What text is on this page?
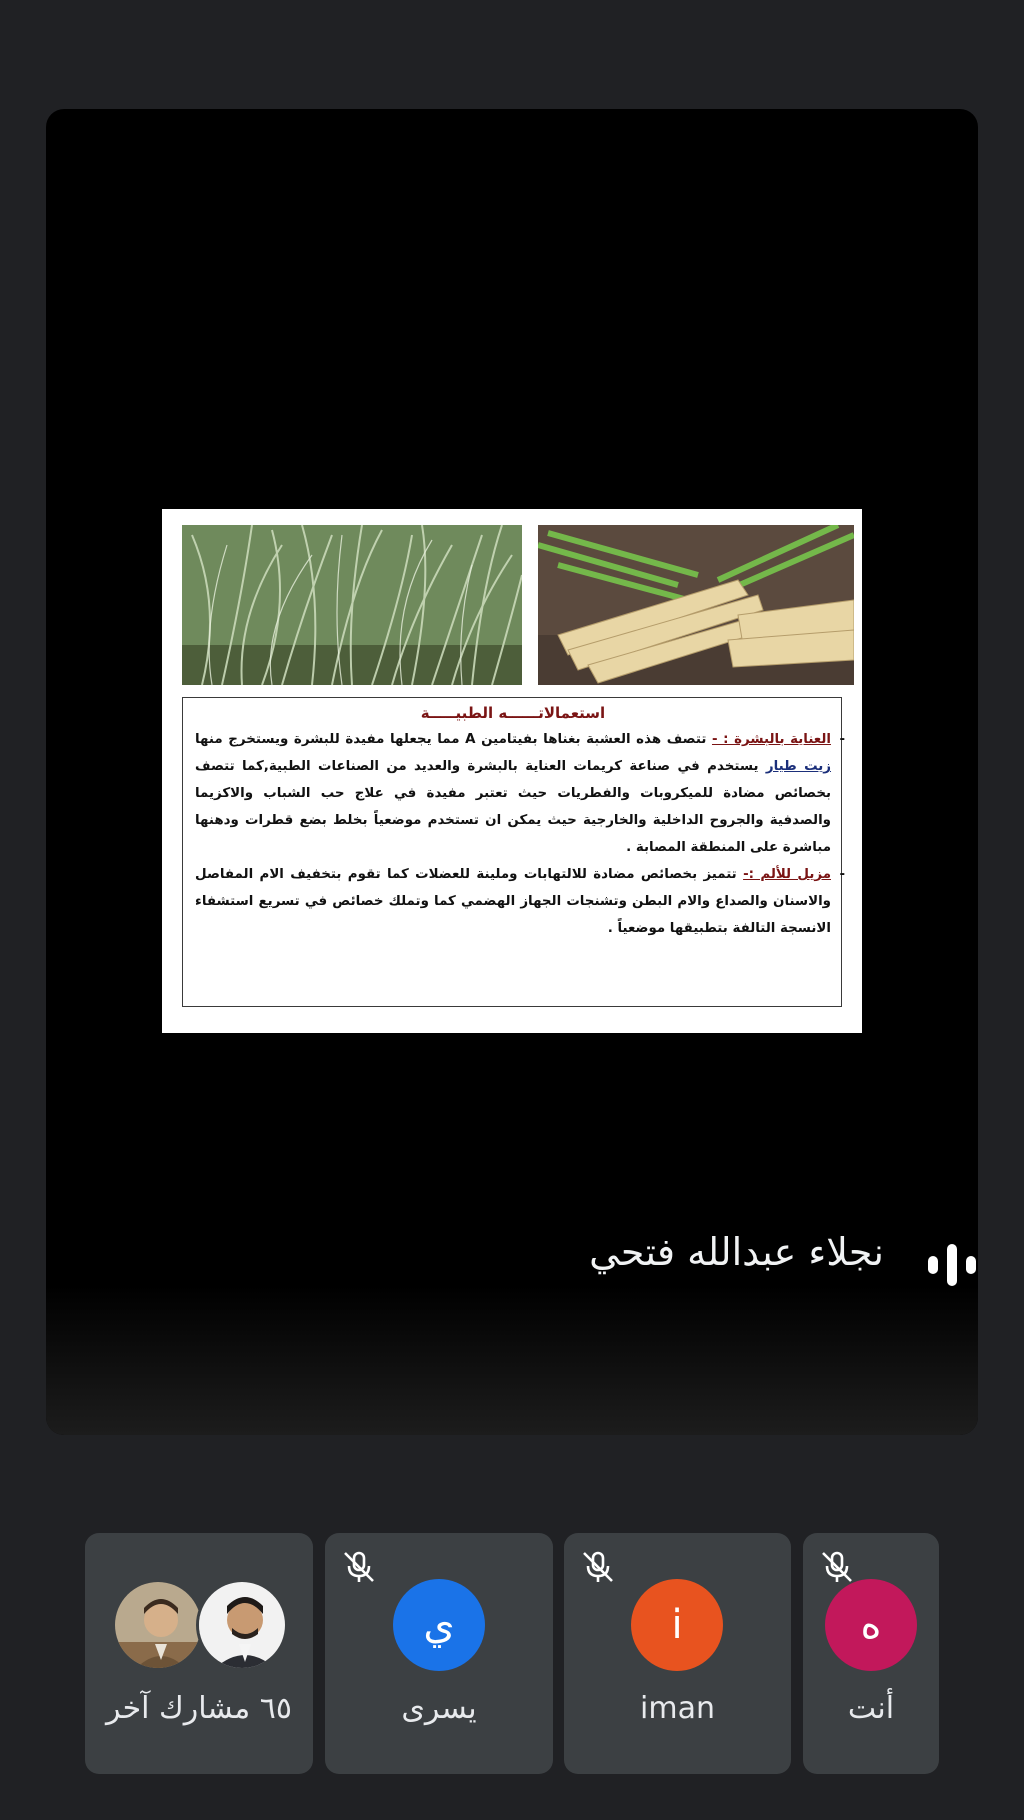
استعمالاتــــــه الطبيـــــة

- العناية بالبشرة : - تتصف هذه العشبة بغناها بفيتامين A مما يجعلها مفيدة للبشرة ويستخرج منها زيت طيار يستخدم في صناعة كريمات العناية بالبشرة والعديد من الصناعات الطبية,كما تتصف بخصائص مضادة للميكروبات والفطريات حيث تعتبر مفيدة في علاج حب الشباب والاكزيما والصدفية والجروح الداخلية والخارجية حيث يمكن ان تستخدم موضعياً بخلط بضع قطرات ودهنها مباشرة على المنطقة المصابة .

- مزيل للألم :- تتميز بخصائص مضادة للالتهابات وملينة للعضلات كما تقوم بتخفيف الام المفاصل والاسنان والصداع والام البطن وتشنجات الجهاز الهضمي كما وتملك خصائص في تسريع استشفاء الانسجة التالفة بتطبيقها موضعياً .

نجلاء عبدالله فتحي
٦٥ مشارك آخر
ي
يسرى
i
iman
ه
أنت
